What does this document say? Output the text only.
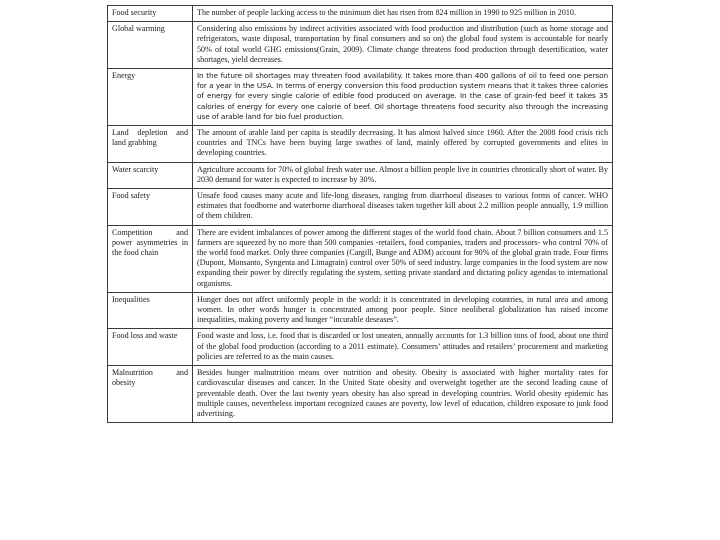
Food security	The number of people lacking access to the minimum diet has risen from 824 million in 1990 to 925 million in 2010.
Global warming	Considering also emissions by indirect activities associated with food production and distribution (such as home storage and refrigerators, waste disposal, transportation by final consumers and so on) the global food system is accountable for nearly 50% of total world GHG emissions(Grain, 2009). Climate change threatens food production through desertification, water shortages, yield decreases.
Energy	In the future oil shortages may threaten food availability. It takes more than 400 gallons of oil to feed one person for a year in the USA. In terms of energy conversion this food production system means that it takes three calories of energy for every single calorie of edible food produced on average. In the case of grain-fed beef it takes 35 calories of energy for every one calorie of beef. Oil shortage threatens food security also through the increasing use of arable land for bio fuel production.
Land depletion and land grabbing	The amount of arable land per capita is steadily decreasing. It has almost halved since 1960. After the 2008 food crisis rich countries and TNCs have been buying large swathes of land, mainly offered by corrupted governments and elites in developing countries.
Water scarcity	Agriculture accounts for 70% of global fresh water use. Almost a billion people live in countries chronically short of water. By 2030 demand for water is expected to increase by 30%.
Food safety	Unsafe food causes many acute and life-long diseases, ranging from diarrhoeal diseases to various forms of cancer. WHO estimates that foodborne and waterborne diarrhoeal diseases taken together kill about 2.2 million people annually, 1.9 million of them children.
Competition and power asymmetries in the food chain	There are evident imbalances of power among the different stages of the world food chain. About 7 billion consumers and 1.5 farmers are squeezed by no more than 500 companies -retailers, food companies, traders and processors- who control 70% of the world food market. Only three companies (Cargill, Bunge and ADM) account for 90% of the global grain trade. Four firms (Dupont, Monsanto, Syngenta and Limagrain) control over 50% of seed industry. large companies in the food system are now expanding their power by directly regulating the system, setting private standard and dictating policy agendas to international organisms.
Inequalities	Hunger does not affect uniformly people in the world: it is concentrated in developing countries, in rural area and among women. In other words hunger is concentrated among poor people. Since neoliberal globalization has raised income inequalities, making poverty and hunger “incurable deseases”.
Food loss and waste	Food waste and loss, i.e. food that is discarded or lost uneaten, annually accounts for 1.3 billion tons of food, about one third of the global food production (according to a 2011 estimate). Consumers’ attitudes and retailers’ procurement and marketing policies are referred to as the main causes.
Malnutrition and obesity	Besides hunger malnutrition means over nutrition and obesity. Obesity is associated with higher mortality rates for cardiovascular diseases and cancer. In the United State obesity and overweight together are the second leading cause of preventable death. Over the last twenty years obesity has also spread in developing countries. World obesity epidemic has multiple causes, nevertheless important recognized causes are poverty, low level of education, children exposure to junk food advertising.
